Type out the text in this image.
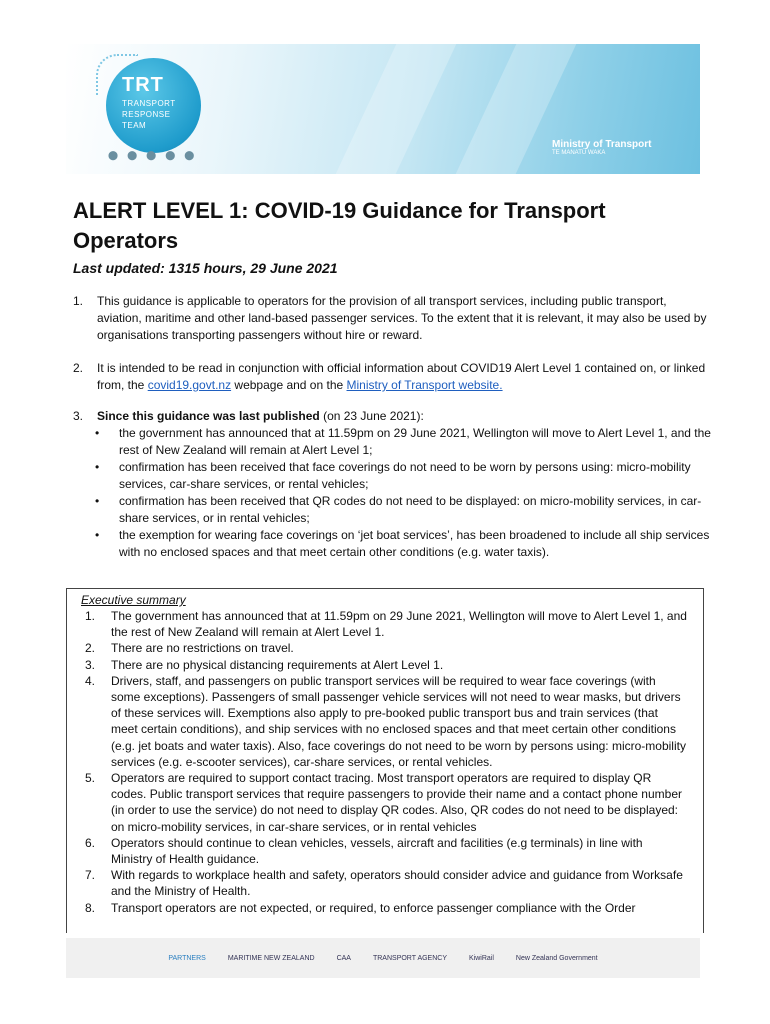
TRT
TRANSPORT
RESPONSE
TEAM
⬤⬤⬤⬤⬤
Ministry of Transport
TE MANATŪ WAKA
ALERT LEVEL 1: COVID-19 Guidance for Transport Operators
Last updated: 1315 hours, 29 June 2021
1. This guidance is applicable to operators for the provision of all transport services, including public transport, aviation, maritime and other land-based passenger services. To the extent that it is relevant, it may also be used by organisations transporting passengers without hire or reward.
2. It is intended to be read in conjunction with official information about COVID19 Alert Level 1 contained on, or linked from, the covid19.govt.nz webpage and on the Ministry of Transport website.
3. Since this guidance was last published (on 23 June 2021):
• the government has announced that at 11.59pm on 29 June 2021, Wellington will move to Alert Level 1, and the rest of New Zealand will remain at Alert Level 1;
• confirmation has been received that face coverings do not need to be worn by persons using: micro-mobility services, car-share services, or rental vehicles;
• confirmation has been received that QR codes do not need to be displayed: on micro-mobility services, in car-share services, or in rental vehicles;
• the exemption for wearing face coverings on ‘jet boat services’, has been broadened to include all ship services with no enclosed spaces and that meet certain other conditions (e.g. water taxis).
Executive summary
1. The government has announced that at 11.59pm on 29 June 2021, Wellington will move to Alert Level 1, and the rest of New Zealand will remain at Alert Level 1.
2. There are no restrictions on travel.
3. There are no physical distancing requirements at Alert Level 1.
4. Drivers, staff, and passengers on public transport services will be required to wear face coverings (with some exceptions). Passengers of small passenger vehicle services will not need to wear masks, but drivers of these services will. Exemptions also apply to pre-booked public transport bus and train services (that meet certain conditions), and ship services with no enclosed spaces and that meet certain other conditions (e.g. jet boats and water taxis). Also, face coverings do not need to be worn by persons using: micro-mobility services (e.g. e-scooter services), car-share services, or rental vehicles.
5. Operators are required to support contact tracing. Most transport operators are required to display QR codes. Public transport services that require passengers to provide their name and a contact phone number (in order to use the service) do not need to display QR codes. Also, QR codes do not need to be displayed: on micro-mobility services, in car-share services, or in rental vehicles
6. Operators should continue to clean vehicles, vessels, aircraft and facilities (e.g terminals) in line with Ministry of Health guidance.
7. With regards to workplace health and safety, operators should consider advice and guidance from Worksafe and the Ministry of Health.
8. Transport operators are not expected, or required, to enforce passenger compliance with the Order
PARTNERS	MARITIME NEW ZEALAND	CAA	TRANSPORT AGENCY	KiwiRail	New Zealand Government
